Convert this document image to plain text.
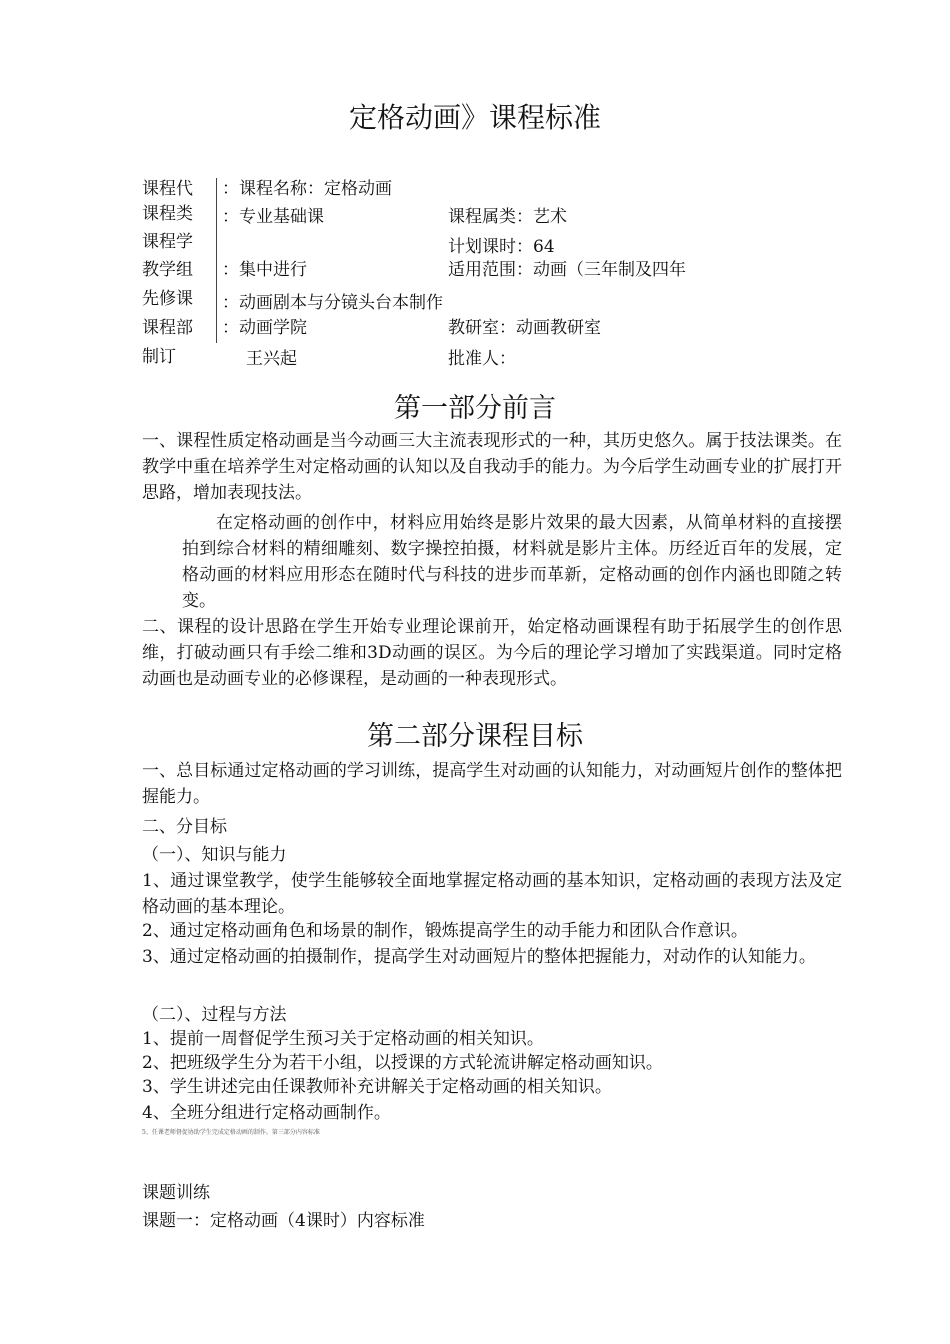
定格动画》课程标准
课程代 ：课程名称：定格动画
课程类 ：专业基础课	课程属类：艺术
课程学	计划课时：64
教学组 ：集中进行	适用范围：动画（三年制及四年
先修课 ：动画剧本与分镜头台本制作
课程部 ：动画学院	教研室：动画教研室
制订	王兴起	批准人：
第一部分前言
一、课程性质定格动画是当今动画三大主流表现形式的一种，其历史悠久。属于技法课类。在教学中重在培养学生对定格动画的认知以及自我动手的能力。为今后学生动画专业的扩展打开思路，增加表现技法。
在定格动画的创作中，材料应用始终是影片效果的最大因素，从简单材料的直接摆拍到综合材料的精细雕刻、数字操控拍摄，材料就是影片主体。历经近百年的发展，定格动画的材料应用形态在随时代与科技的进步而革新，定格动画的创作内涵也即随之转变。
二、课程的设计思路在学生开始专业理论课前开，始定格动画课程有助于拓展学生的创作思维，打破动画只有手绘二维和3D动画的误区。为今后的理论学习增加了实践渠道。同时定格动画也是动画专业的必修课程，是动画的一种表现形式。
第二部分课程目标
一、总目标通过定格动画的学习训练，提高学生对动画的认知能力，对动画短片创作的整体把握能力。
二、分目标
（一）、知识与能力
1、通过课堂教学，使学生能够较全面地掌握定格动画的基本知识，定格动画的表现方法及定格动画的基本理论。
2、通过定格动画角色和场景的制作，锻炼提高学生的动手能力和团队合作意识。
3、通过定格动画的拍摄制作，提高学生对动画短片的整体把握能力，对动作的认知能力。
（二）、过程与方法
1、提前一周督促学生预习关于定格动画的相关知识。
2、把班级学生分为若干小组，以授课的方式轮流讲解定格动画知识。
3、学生讲述完由任课教师补充讲解关于定格动画的相关知识。
4、全班分组进行定格动画制作。
5、任课老师督促协助学生完成定格动画的制作。第三部分内容标准
课题训练
课题一：定格动画（4课时）内容标准
